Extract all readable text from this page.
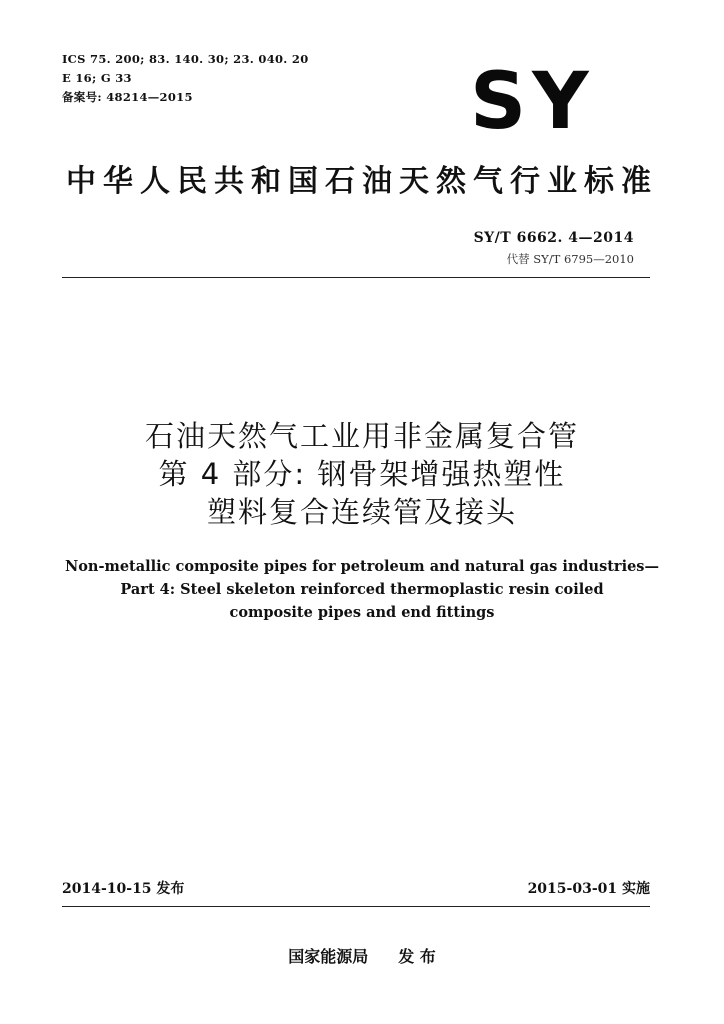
ICS 75. 200; 83. 140. 30; 23. 040. 20
E 16; G 33
备案号: 48214—2015	SY
中华人民共和国石油天然气行业标准
SY/T 6662. 4—2014
代替 SY/T 6795—2010
石油天然气工业用非金属复合管
第 4 部分: 钢骨架增强热塑性
塑料复合连续管及接头
Non-metallic composite pipes for petroleum and natural gas industries—
Part 4: Steel skeleton reinforced thermoplastic resin coiled
composite pipes and end fittings
2014-10-15 发布	2015-03-01 实施
国家能源局 发 布
